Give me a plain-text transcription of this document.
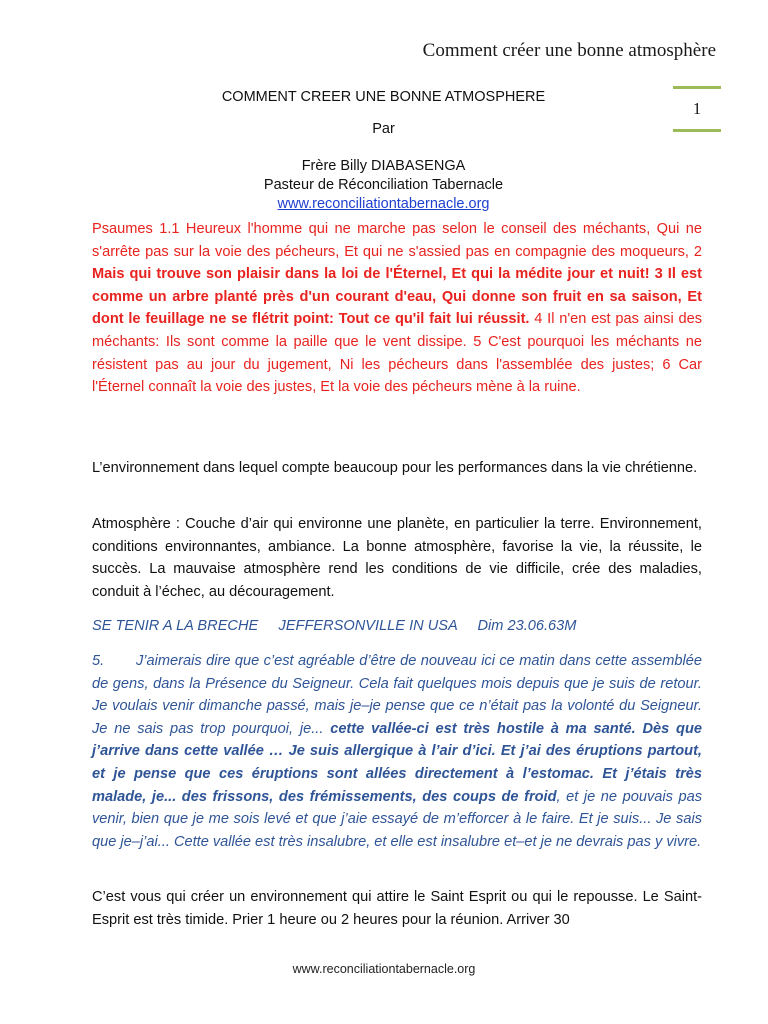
Comment créer une bonne atmosphère
1
COMMENT CREER UNE BONNE ATMOSPHERE
Par
Frère Billy DIABASENGA
Pasteur de Réconciliation Tabernacle
www.reconciliationtabernacle.org

Psaumes 1.1 Heureux l'homme qui ne marche pas selon le conseil des méchants, Qui ne s'arrête pas sur la voie des pécheurs, Et qui ne s'assied pas en compagnie des moqueurs, 2 Mais qui trouve son plaisir dans la loi de l'Éternel, Et qui la médite jour et nuit! 3 Il est comme un arbre planté près d'un courant d'eau, Qui donne son fruit en sa saison, Et dont le feuillage ne se flétrit point: Tout ce qu'il fait lui réussit. 4 Il n'en est pas ainsi des méchants: Ils sont comme la paille que le vent dissipe. 5 C'est pourquoi les méchants ne résistent pas au jour du jugement, Ni les pécheurs dans l'assemblée des justes; 6 Car l'Éternel connaît la voie des justes, Et la voie des pécheurs mène à la ruine.

L’environnement dans lequel compte beaucoup pour les performances dans la vie chrétienne.

Atmosphère : Couche d’air qui environne une planète, en particulier la terre. Environnement, conditions environnantes, ambiance. La bonne atmosphère, favorise la vie, la réussite, le succès. La mauvaise atmosphère rend les conditions de vie difficile, crée des maladies, conduit à l’échec, au découragement.

SE TENIR A LA BRECHE     JEFFERSONVILLE IN USA     Dim 23.06.63M

5. J’aimerais dire que c’est agréable d’être de nouveau ici ce matin dans cette assemblée de gens, dans la Présence du Seigneur. Cela fait quelques mois depuis que je suis de retour. Je voulais venir dimanche passé, mais je–je pense que ce n’était pas la volonté du Seigneur. Je ne sais pas trop pourquoi, je... cette vallée-ci est très hostile à ma santé. Dès que j’arrive dans cette vallée … Je suis allergique à l’air d’ici. Et j’ai des éruptions partout, et je pense que ces éruptions sont allées directement à l’estomac. Et j’étais très malade, je... des frissons, des frémissements, des coups de froid, et je ne pouvais pas venir, bien que je me sois levé et que j’aie essayé de m’efforcer à le faire. Et je suis... Je sais que je–j’ai... Cette vallée est très insalubre, et elle est insalubre et–et je ne devrais pas y vivre.

C’est vous qui créer un environnement qui attire le Saint Esprit ou qui le repousse. Le Saint-Esprit est très timide. Prier 1 heure ou 2 heures pour la réunion. Arriver 30

www.reconciliationtabernacle.org
